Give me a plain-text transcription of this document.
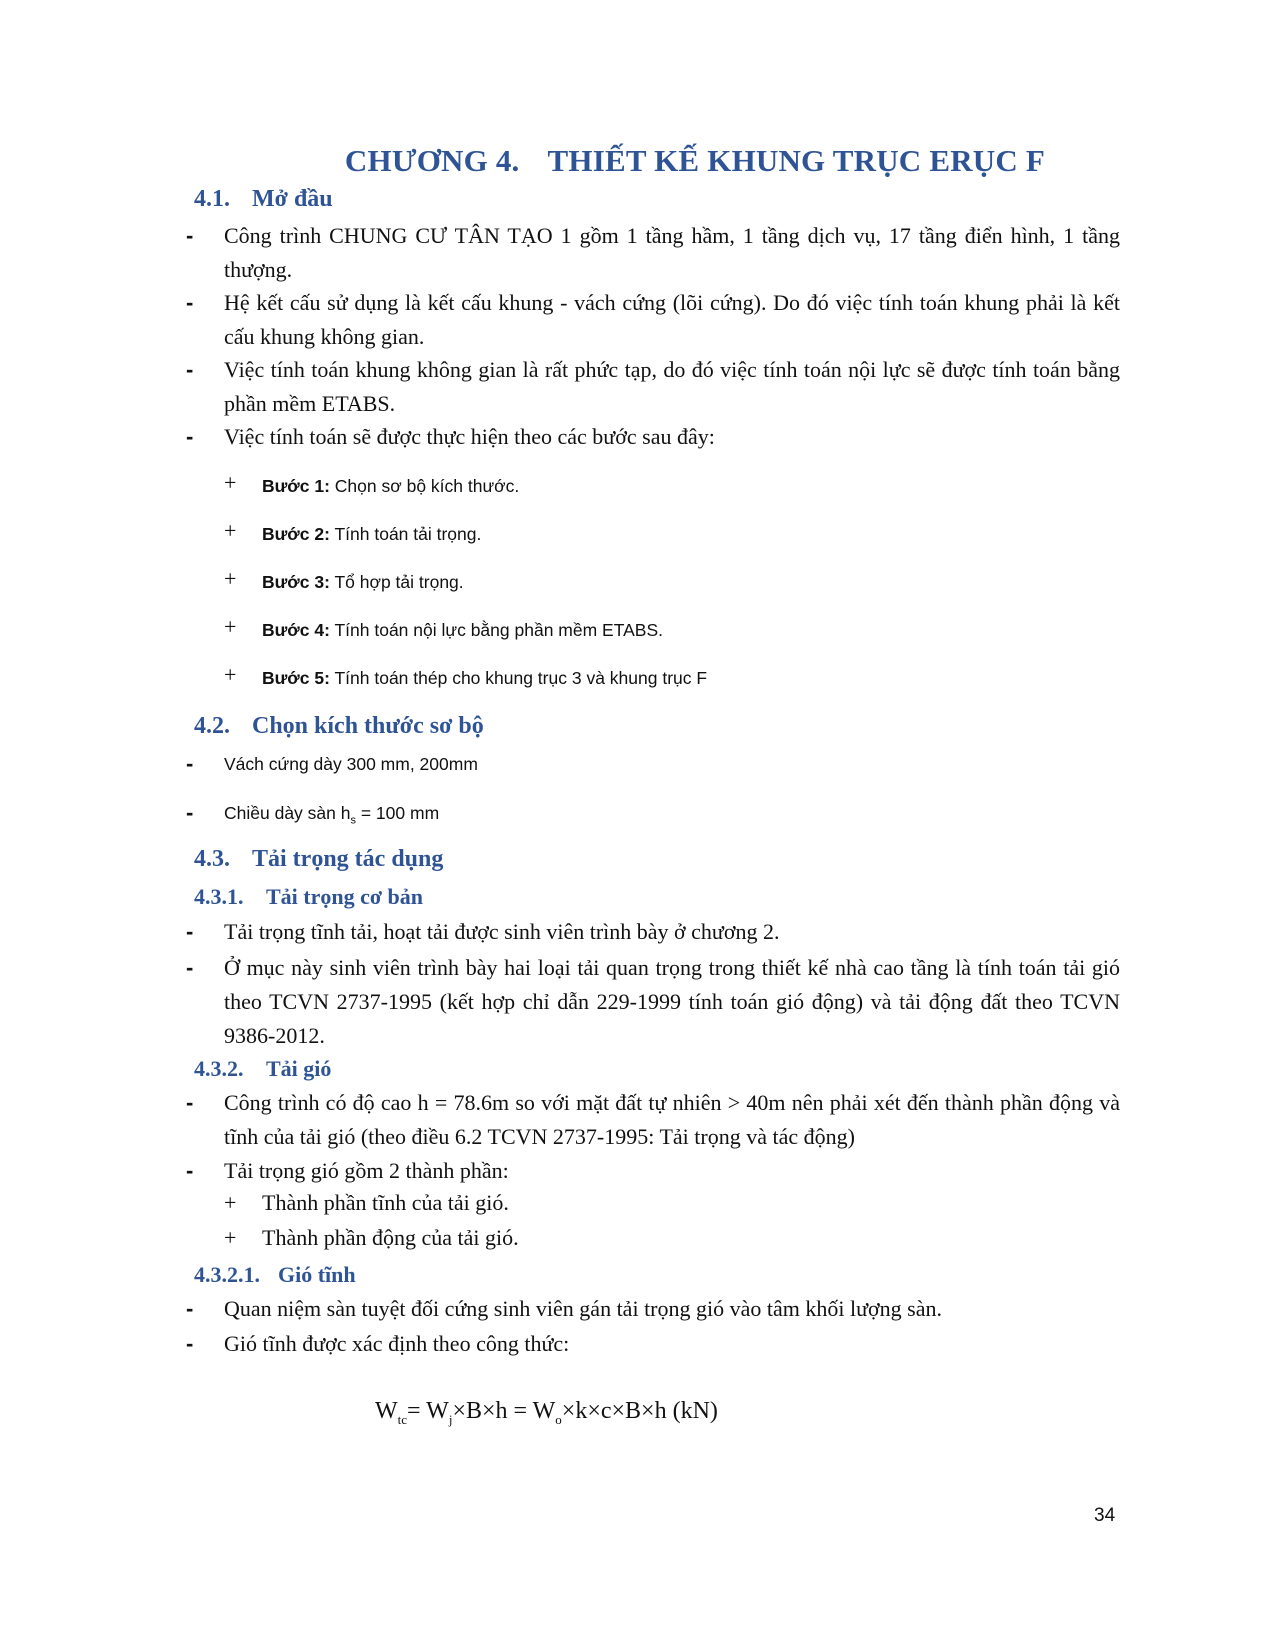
CHƯƠNG 4. THIẾT KẾ KHUNG TRỤC ERỤC F
4.1. Mở đầu
- Công trình CHUNG CƯ TÂN TẠO 1 gồm 1 tầng hầm, 1 tầng dịch vụ, 17 tầng điển hình, 1 tầng thượng.
- Hệ kết cấu sử dụng là kết cấu khung - vách cứng (lõi cứng). Do đó việc tính toán khung phải là kết cấu khung không gian.
- Việc tính toán khung không gian là rất phức tạp, do đó việc tính toán nội lực sẽ được tính toán bằng phần mềm ETABS.
- Việc tính toán sẽ được thực hiện theo các bước sau đây:
+ Bước 1: Chọn sơ bộ kích thước.
+ Bước 2: Tính toán tải trọng.
+ Bước 3: Tổ hợp tải trọng.
+ Bước 4: Tính toán nội lực bằng phần mềm ETABS.
+ Bước 5: Tính toán thép cho khung trục 3 và khung trục F
4.2. Chọn kích thước sơ bộ
- Vách cứng dày 300 mm, 200mm
- Chiều dày sàn $h_s = 100$ mm
4.3. Tải trọng tác dụng
4.3.1. Tải trọng cơ bản
- Tải trọng tĩnh tải, hoạt tải được sinh viên trình bày ở chương 2.
- Ở mục này sinh viên trình bày hai loại tải quan trọng trong thiết kế nhà cao tầng là tính toán tải gió theo TCVN 2737-1995 (kết hợp chỉ dẫn 229-1999 tính toán gió động) và tải động đất theo TCVN 9386-2012.
4.3.2. Tải gió
- Công trình có độ cao h = 78.6m so với mặt đất tự nhiên > 40m nên phải xét đến thành phần động và tĩnh của tải gió (theo điều 6.2 TCVN 2737-1995: Tải trọng và tác động)
- Tải trọng gió gồm 2 thành phần:
+ Thành phần tĩnh của tải gió.
+ Thành phần động của tải gió.
4.3.2.1. Gió tĩnh
- Quan niệm sàn tuyệt đối cứng sinh viên gán tải trọng gió vào tâm khối lượng sàn.
- Gió tĩnh được xác định theo công thức:
$W_{tc}= W_j\times B\times h = W_o\times k\times c\times B\times h$ (kN)
34
